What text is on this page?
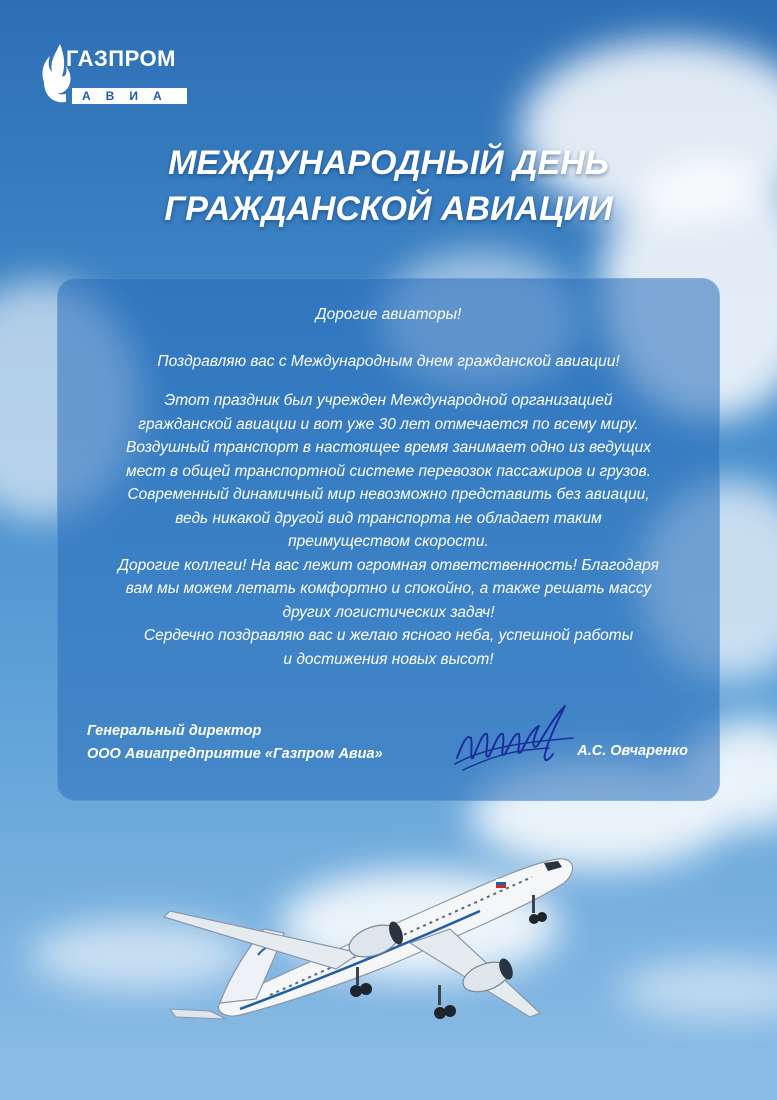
ГАЗПРОМ
АВИА
МЕЖДУНАРОДНЫЙ ДЕНЬ
ГРАЖДАНСКОЙ АВИАЦИИ
Дорогие авиаторы!
Поздравляю вас с Международным днем гражданской авиации!
Этот праздник был учрежден Международной организацией
гражданской авиации и вот уже 30 лет отмечается по всему миру.
Воздушный транспорт в настоящее время занимает одно из ведущих
мест в общей транспортной системе перевозок пассажиров и грузов.
Современный динамичный мир невозможно представить без авиации,
ведь никакой другой вид транспорта не обладает таким
преимуществом скорости.
Дорогие коллеги! На вас лежит огромная ответственность! Благодаря
вам мы можем летать комфортно и спокойно, а также решать массу
других логистических задач!
Сердечно поздравляю вас и желаю ясного неба, успешной работы
и достижения новых высот!
Генеральный директор
ООО Авиапредприятие «Газпром Авиа»	А.С. Овчаренко
